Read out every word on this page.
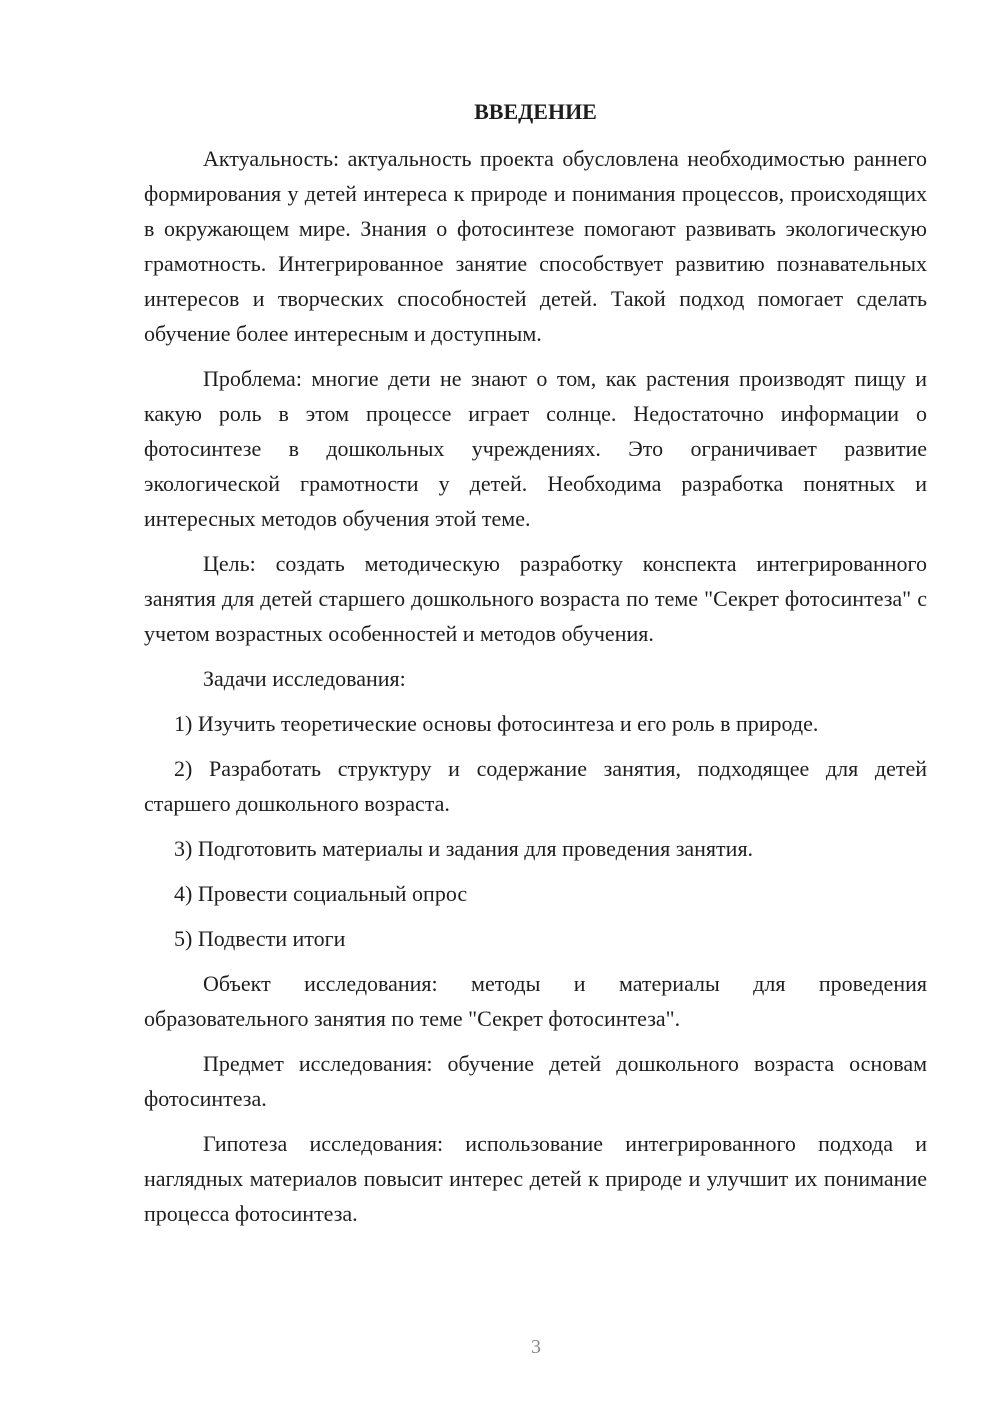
ВВЕДЕНИЕ

Актуальность: актуальность проекта обусловлена необходимостью раннего формирования у детей интереса к природе и понимания процессов, происходящих в окружающем мире. Знания о фотосинтезе помогают развивать экологическую грамотность. Интегрированное занятие способствует развитию познавательных интересов и творческих способностей детей. Такой подход помогает сделать обучение более интересным и доступным.

Проблема: многие дети не знают о том, как растения производят пищу и какую роль в этом процессе играет солнце. Недостаточно информации о фотосинтезе в дошкольных учреждениях. Это ограничивает развитие экологической грамотности у детей. Необходима разработка понятных и интересных методов обучения этой теме.

Цель: создать методическую разработку конспекта интегрированного занятия для детей старшего дошкольного возраста по теме "Секрет фотосинтеза" с учетом возрастных особенностей и методов обучения.

Задачи исследования:

1) Изучить теоретические основы фотосинтеза и его роль в природе.

2) Разработать структуру и содержание занятия, подходящее для детей старшего дошкольного возраста.

3) Подготовить материалы и задания для проведения занятия.

4) Провести социальный опрос

5) Подвести итоги

Объект исследования: методы и материалы для проведения образовательного занятия по теме "Секрет фотосинтеза".

Предмет исследования: обучение детей дошкольного возраста основам фотосинтеза.

Гипотеза исследования: использование интегрированного подхода и наглядных материалов повысит интерес детей к природе и улучшит их понимание процесса фотосинтеза.

3
